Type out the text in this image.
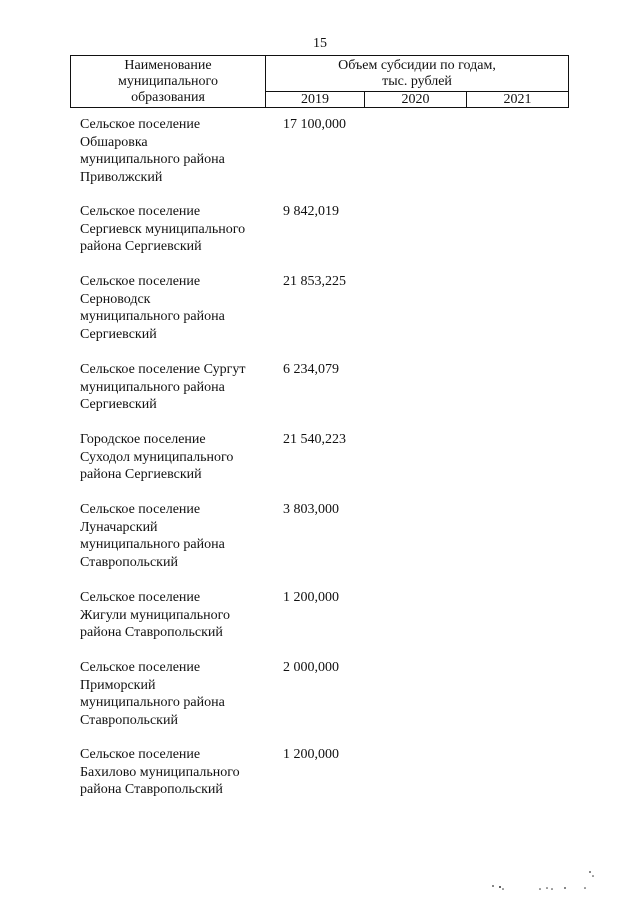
15
Наименование
муниципального
образования
Объем субсидии по годам,
тыс. рублей
2019	2020	2021
Сельское поселение
Обшаровка
муниципального района
Приволжский
17 100,000
Сельское поселение
Сергиевск муниципального
района Сергиевский
9 842,019
Сельское поселение
Серноводск
муниципального района
Сергиевский
21 853,225
Сельское поселение Сургут
муниципального района
Сергиевский
6 234,079
Городское поселение
Суходол муниципального
района Сергиевский
21 540,223
Сельское поселение
Луначарский
муниципального района
Ставропольский
3 803,000
Сельское поселение
Жигули муниципального
района Ставропольский
1 200,000
Сельское поселение
Приморский
муниципального района
Ставропольский
2 000,000
Сельское поселение
Бахилово муниципального
района Ставропольский
1 200,000
